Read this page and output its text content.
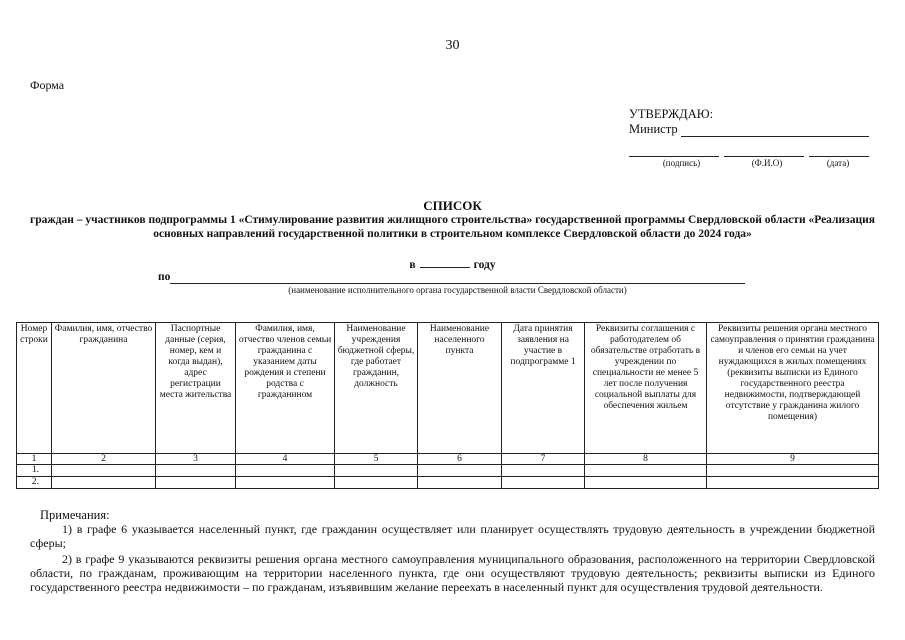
30
Форма
УТВЕРЖДАЮ:
Министр
(подпись)	(Ф.И.О)	(дата)
СПИСОК
граждан – участников подпрограммы 1 «Стимулирование развития жилищного строительства» государственной программы Свердловской области «Реализация основных направлений государственной политики в строительном комплексе Свердловской области до 2024 года»
в	году
по
(наименование исполнительного органа государственной власти Свердловской области)
Номер строки	Фамилия, имя, отчество гражданина	Паспортные данные (серия, номер, кем и когда выдан), адрес регистрации места жительства	Фамилия, имя, отчество членов семьи гражданина с указанием даты рождения и степени родства с гражданином	Наименование учреждения бюджетной сферы, где работает гражданин, должность	Наименование населенного пункта	Дата принятия заявления на участие в подпрограмме 1	Реквизиты соглашения с работодателем об обязательстве отработать в учреждении по специальности не менее 5 лет после получения социальной выплаты для обеспечения жильем	Реквизиты решения органа местного самоуправления о принятии гражданина и членов его семьи на учет нуждающихся в жилых помещениях (реквизиты выписки из Единого государственного реестра недвижимости, подтверждающей отсутствие у гражданина жилого помещения)
1	2	3	4	5	6	7	8	9
1.								
2.								
Примечания:
1) в графе 6 указывается населенный пункт, где гражданин осуществляет или планирует осуществлять трудовую деятельность в учреждении бюджетной сферы;
2) в графе 9 указываются реквизиты решения органа местного самоуправления муниципального образования, расположенного на территории Свердловской области, по гражданам, проживающим на территории населенного пункта, где они осуществляют трудовую деятельность; реквизиты выписки из Единого государственного реестра недвижимости – по гражданам, изъявившим желание переехать в населенный пункт для осуществления трудовой деятельности.
